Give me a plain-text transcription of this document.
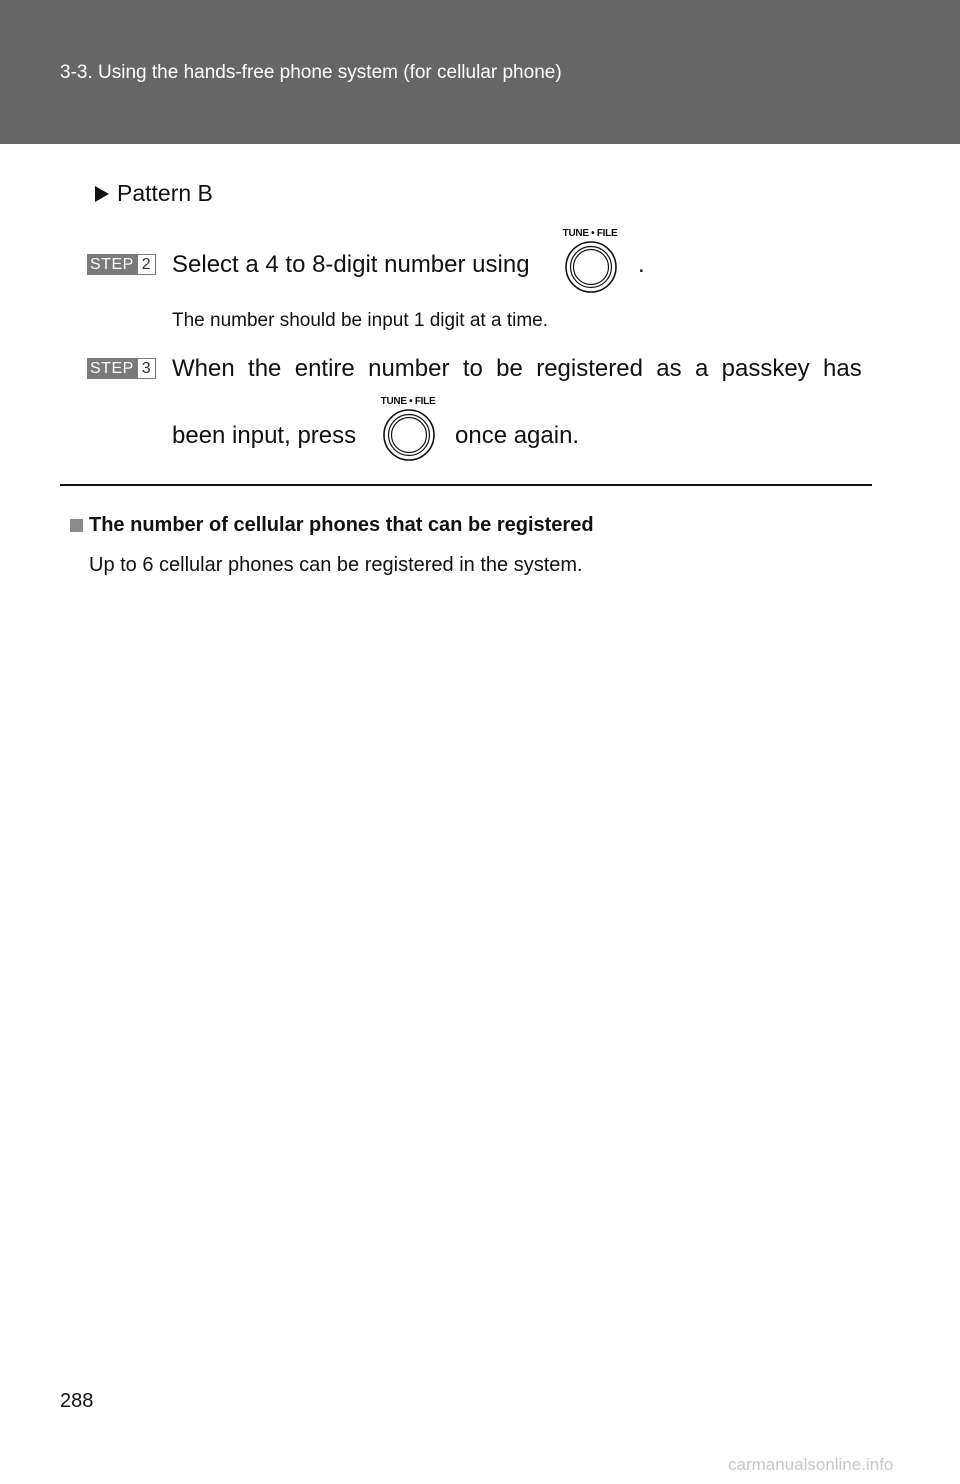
3-3. Using the hands-free phone system (for cellular phone)
Pattern B
STEP 2 Select a 4 to 8-digit number using
TUNE • FILE
.
The number should be input 1 digit at a time.
STEP 3 When  the  entire  number  to  be  registered  as  a  passkey  has
been input, press
TUNE • FILE
once again.
The number of cellular phones that can be registered
Up to 6 cellular phones can be registered in the system.
288
carmanualsonline.info
